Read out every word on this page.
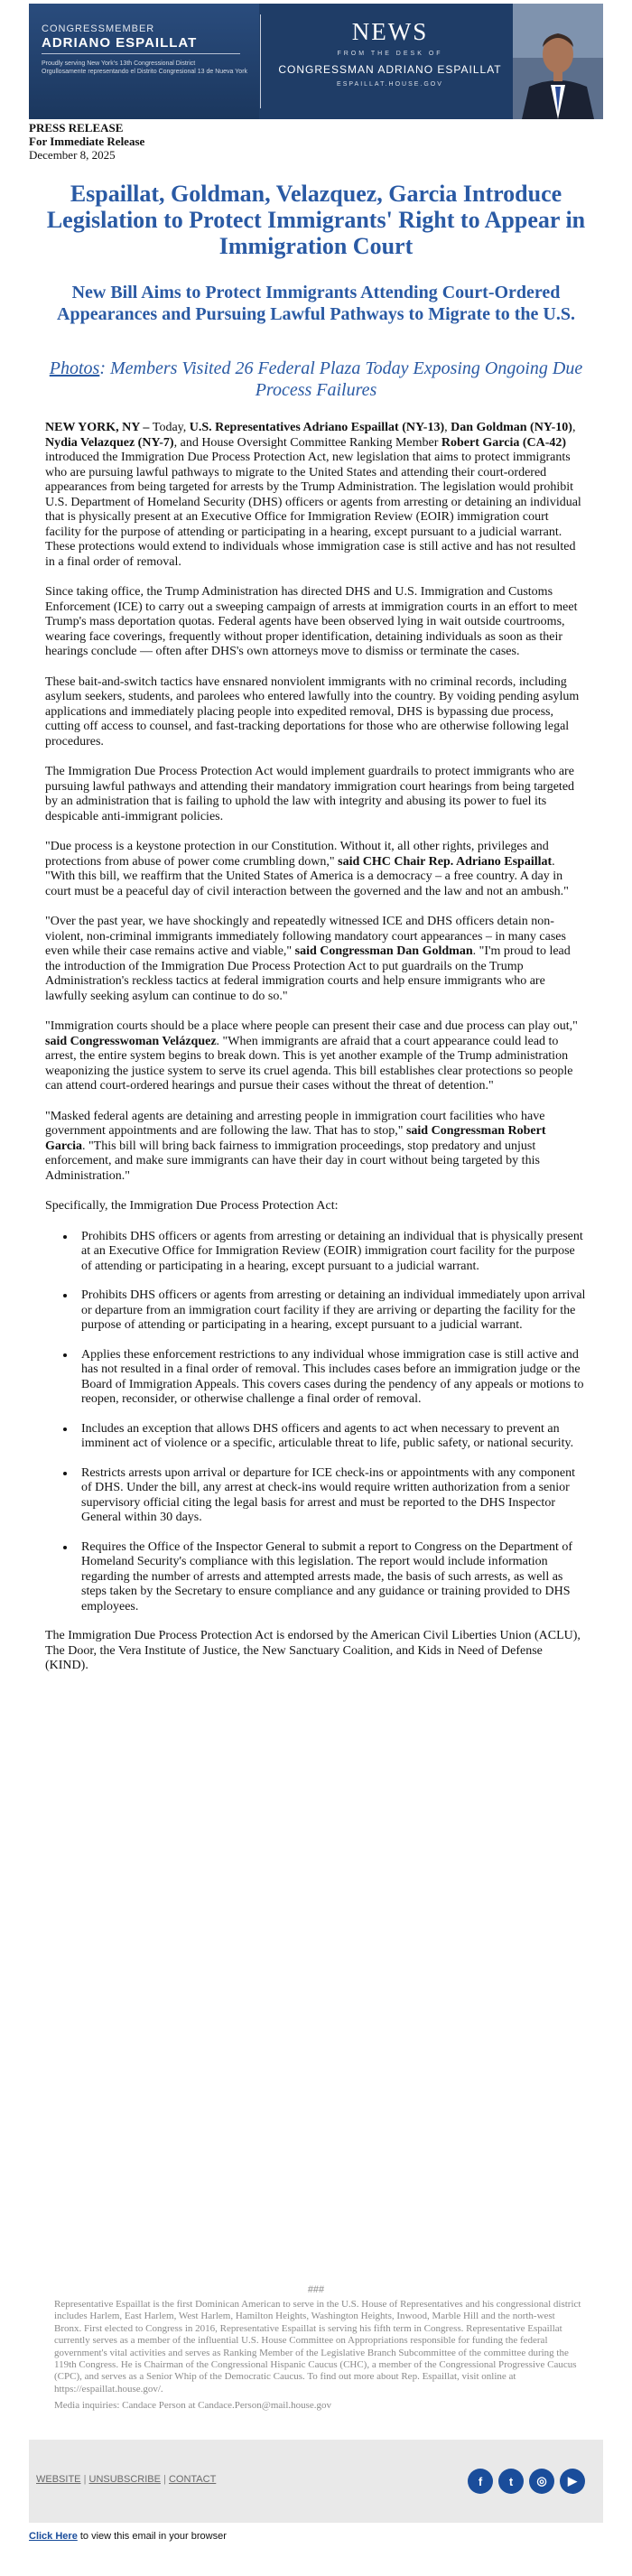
CONGRESSMEMBER
ADRIANO ESPAILLAT
Proudly serving New York's 13th Congressional District
Orgullosamente representando el Distrito Congresional 13 de Nueva York
NEWS
FROM THE DESK OF
CONGRESSMAN ADRIANO ESPAILLAT
ESPAILLAT.HOUSE.GOV
PRESS RELEASE
For Immediate Release
December 8, 2025
Espaillat, Goldman, Velazquez, Garcia Introduce Legislation to Protect Immigrants' Right to Appear in Immigration Court
New Bill Aims to Protect Immigrants Attending Court-Ordered Appearances and Pursuing Lawful Pathways to Migrate to the U.S.
Photos: Members Visited 26 Federal Plaza Today Exposing Ongoing Due Process Failures

NEW YORK, NY – Today, U.S. Representatives Adriano Espaillat (NY-13), Dan Goldman (NY-10), Nydia Velazquez (NY-7), and House Oversight Committee Ranking Member Robert Garcia (CA-42) introduced the Immigration Due Process Protection Act, new legislation that aims to protect immigrants who are pursuing lawful pathways to migrate to the United States and attending their court-ordered appearances from being targeted for arrests by the Trump Administration. The legislation would prohibit U.S. Department of Homeland Security (DHS) officers or agents from arresting or detaining an individual that is physically present at an Executive Office for Immigration Review (EOIR) immigration court facility for the purpose of attending or participating in a hearing, except pursuant to a judicial warrant. These protections would extend to individuals whose immigration case is still active and has not resulted in a final order of removal.

Since taking office, the Trump Administration has directed DHS and U.S. Immigration and Customs Enforcement (ICE) to carry out a sweeping campaign of arrests at immigration courts in an effort to meet Trump's mass deportation quotas. Federal agents have been observed lying in wait outside courtrooms, wearing face coverings, frequently without proper identification, detaining individuals as soon as their hearings conclude — often after DHS's own attorneys move to dismiss or terminate the cases.

These bait-and-switch tactics have ensnared nonviolent immigrants with no criminal records, including asylum seekers, students, and parolees who entered lawfully into the country. By voiding pending asylum applications and immediately placing people into expedited removal, DHS is bypassing due process, cutting off access to counsel, and fast-tracking deportations for those who are otherwise following legal procedures.

The Immigration Due Process Protection Act would implement guardrails to protect immigrants who are pursuing lawful pathways and attending their mandatory immigration court hearings from being targeted by an administration that is failing to uphold the law with integrity and abusing its power to fuel its despicable anti-immigrant policies.

"Due process is a keystone protection in our Constitution. Without it, all other rights, privileges and protections from abuse of power come crumbling down," said CHC Chair Rep. Adriano Espaillat. "With this bill, we reaffirm that the United States of America is a democracy – a free country. A day in court must be a peaceful day of civil interaction between the governed and the law and not an ambush."

"Over the past year, we have shockingly and repeatedly witnessed ICE and DHS officers detain non-violent, non-criminal immigrants immediately following mandatory court appearances – in many cases even while their case remains active and viable," said Congressman Dan Goldman. "I'm proud to lead the introduction of the Immigration Due Process Protection Act to put guardrails on the Trump Administration's reckless tactics at federal immigration courts and help ensure immigrants who are lawfully seeking asylum can continue to do so."

"Immigration courts should be a place where people can present their case and due process can play out," said Congresswoman Velázquez. "When immigrants are afraid that a court appearance could lead to arrest, the entire system begins to break down. This is yet another example of the Trump administration weaponizing the justice system to serve its cruel agenda. This bill establishes clear protections so people can attend court-ordered hearings and pursue their cases without the threat of detention."

"Masked federal agents are detaining and arresting people in immigration court facilities who have government appointments and are following the law. That has to stop," said Congressman Robert Garcia. "This bill will bring back fairness to immigration proceedings, stop predatory and unjust enforcement, and make sure immigrants can have their day in court without being targeted by this Administration."

Specifically, the Immigration Due Process Protection Act:

• Prohibits DHS officers or agents from arresting or detaining an individual that is physically present at an Executive Office for Immigration Review (EOIR) immigration court facility for the purpose of attending or participating in a hearing, except pursuant to a judicial warrant.
• Prohibits DHS officers or agents from arresting or detaining an individual immediately upon arrival or departure from an immigration court facility if they are arriving or departing the facility for the purpose of attending or participating in a hearing, except pursuant to a judicial warrant.
• Applies these enforcement restrictions to any individual whose immigration case is still active and has not resulted in a final order of removal. This includes cases before an immigration judge or the Board of Immigration Appeals. This covers cases during the pendency of any appeals or motions to reopen, reconsider, or otherwise challenge a final order of removal.
• Includes an exception that allows DHS officers and agents to act when necessary to prevent an imminent act of violence or a specific, articulable threat to life, public safety, or national security.
• Restricts arrests upon arrival or departure for ICE check-ins or appointments with any component of DHS. Under the bill, any arrest at check-ins would require written authorization from a senior supervisory official citing the legal basis for arrest and must be reported to the DHS Inspector General within 30 days.
• Requires the Office of the Inspector General to submit a report to Congress on the Department of Homeland Security's compliance with this legislation. The report would include information regarding the number of arrests and attempted arrests made, the basis of such arrests, as well as steps taken by the Secretary to ensure compliance and any guidance or training provided to DHS employees.

The Immigration Due Process Protection Act is endorsed by the American Civil Liberties Union (ACLU), The Door, the Vera Institute of Justice, the New Sanctuary Coalition, and Kids in Need of Defense (KIND).

###
Representative Espaillat is the first Dominican American to serve in the U.S. House of Representatives and his congressional district includes Harlem, East Harlem, West Harlem, Hamilton Heights, Washington Heights, Inwood, Marble Hill and the north-west Bronx. First elected to Congress in 2016, Representative Espaillat is serving his fifth term in Congress. Representative Espaillat currently serves as a member of the influential U.S. House Committee on Appropriations responsible for funding the federal government's vital activities and serves as Ranking Member of the Legislative Branch Subcommittee of the committee during the 119th Congress. He is Chairman of the Congressional Hispanic Caucus (CHC), a member of the Congressional Progressive Caucus (CPC), and serves as a Senior Whip of the Democratic Caucus. To find out more about Rep. Espaillat, visit online at https://espaillat.house.gov/.
Media inquiries: Candace Person at Candace.Person@mail.house.gov
WEBSITE | UNSUBSCRIBE | CONTACT	f	t	◎	▶
Click Here to view this email in your browser
